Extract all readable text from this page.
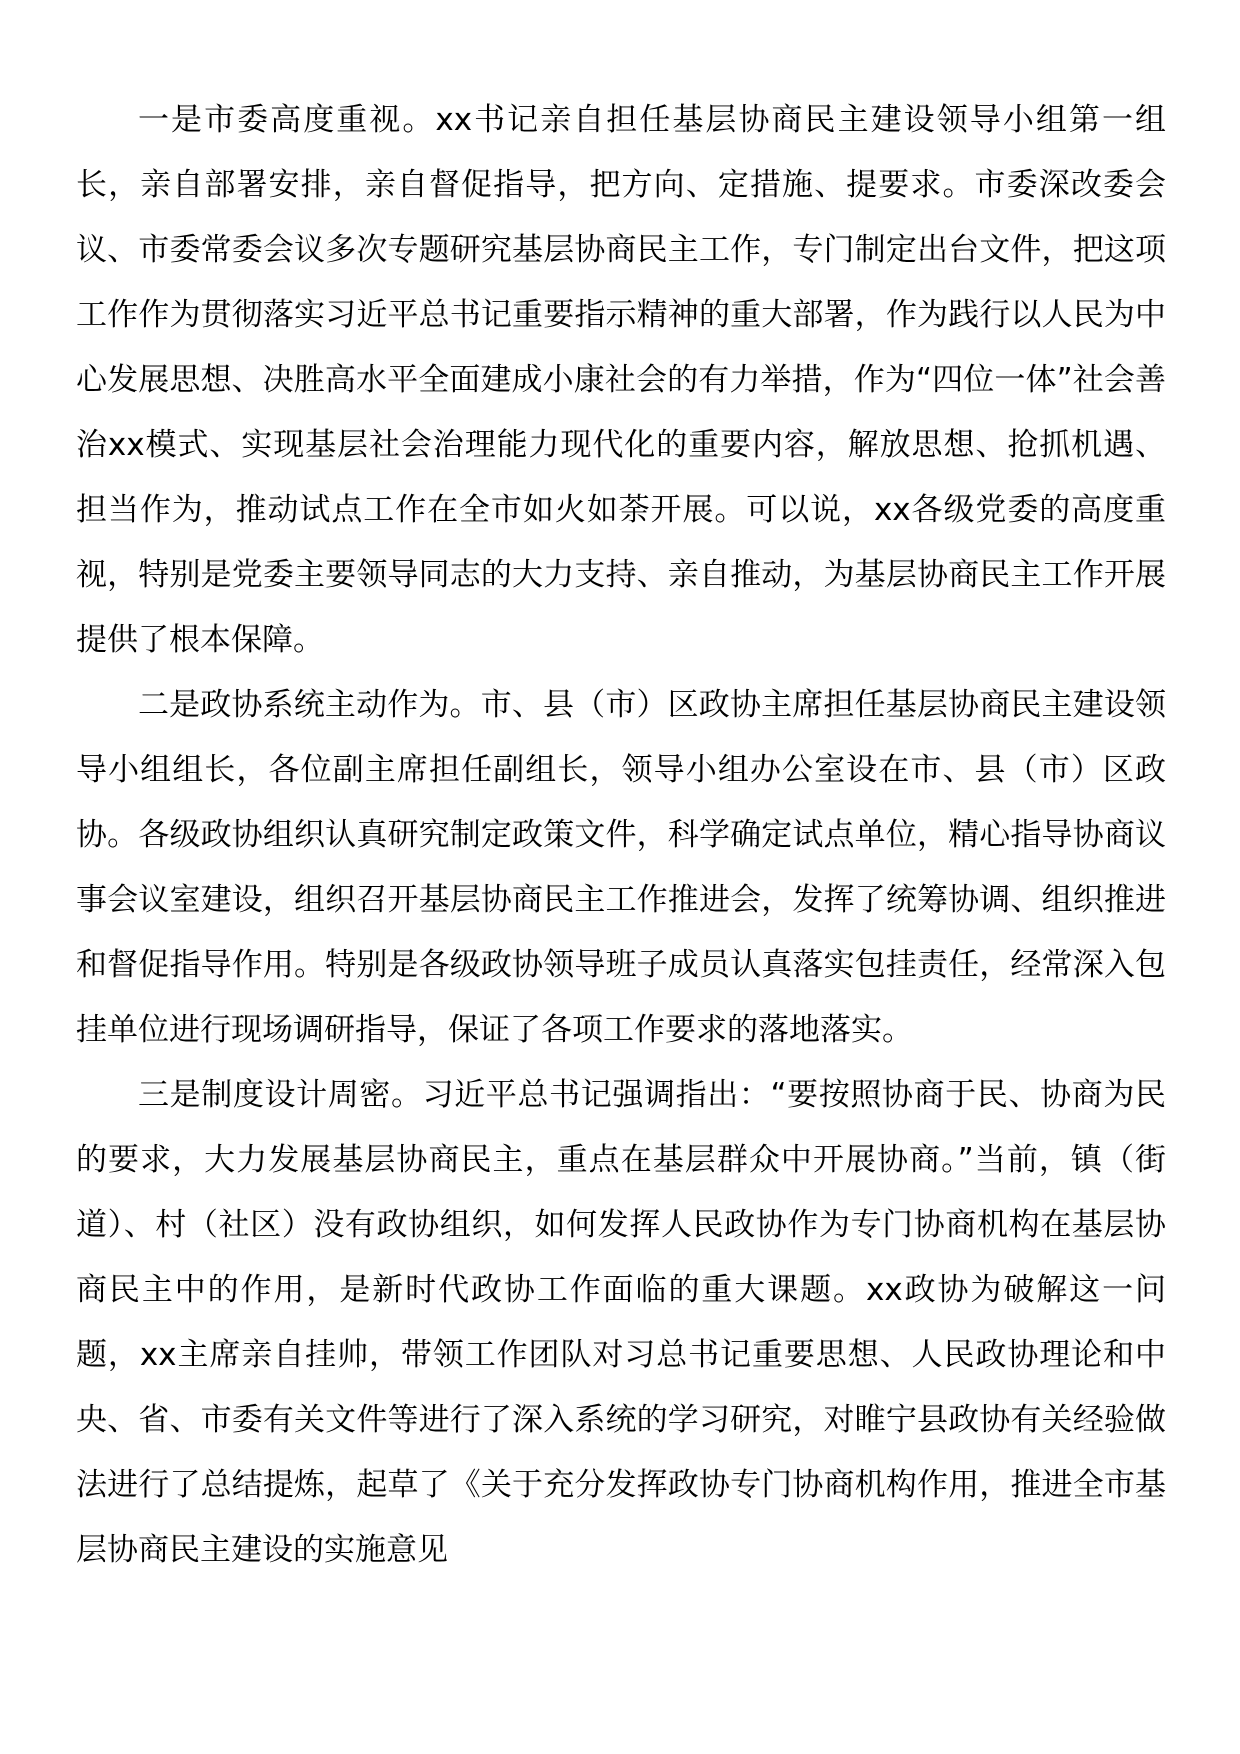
一是市委高度重视。xx书记亲自担任基层协商民主建设领导小组第一组长，亲自部署安排，亲自督促指导，把方向、定措施、提要求。市委深改委会议、市委常委会议多次专题研究基层协商民主工作，专门制定出台文件，把这项工作作为贯彻落实习近平总书记重要指示精神的重大部署，作为践行以人民为中心发展思想、决胜高水平全面建成小康社会的有力举措，作为“四位一体”社会善治xx模式、实现基层社会治理能力现代化的重要内容，解放思想、抢抓机遇、担当作为，推动试点工作在全市如火如荼开展。可以说，xx各级党委的高度重视，特别是党委主要领导同志的大力支持、亲自推动，为基层协商民主工作开展提供了根本保障。

二是政协系统主动作为。市、县（市）区政协主席担任基层协商民主建设领导小组组长，各位副主席担任副组长，领导小组办公室设在市、县（市）区政协。各级政协组织认真研究制定政策文件，科学确定试点单位，精心指导协商议事会议室建设，组织召开基层协商民主工作推进会，发挥了统筹协调、组织推进和督促指导作用。特别是各级政协领导班子成员认真落实包挂责任，经常深入包挂单位进行现场调研指导，保证了各项工作要求的落地落实。

三是制度设计周密。习近平总书记强调指出：“要按照协商于民、协商为民的要求，大力发展基层协商民主，重点在基层群众中开展协商。”当前，镇（街道）、村（社区）没有政协组织，如何发挥人民政协作为专门协商机构在基层协商民主中的作用，是新时代政协工作面临的重大课题。xx政协为破解这一问题，xx主席亲自挂帅，带领工作团队对习总书记重要思想、人民政协理论和中央、省、市委有关文件等进行了深入系统的学习研究，对睢宁县政协有关经验做法进行了总结提炼，起草了《关于充分发挥政协专门协商机构作用，推进全市基层协商民主建设的实施意见
